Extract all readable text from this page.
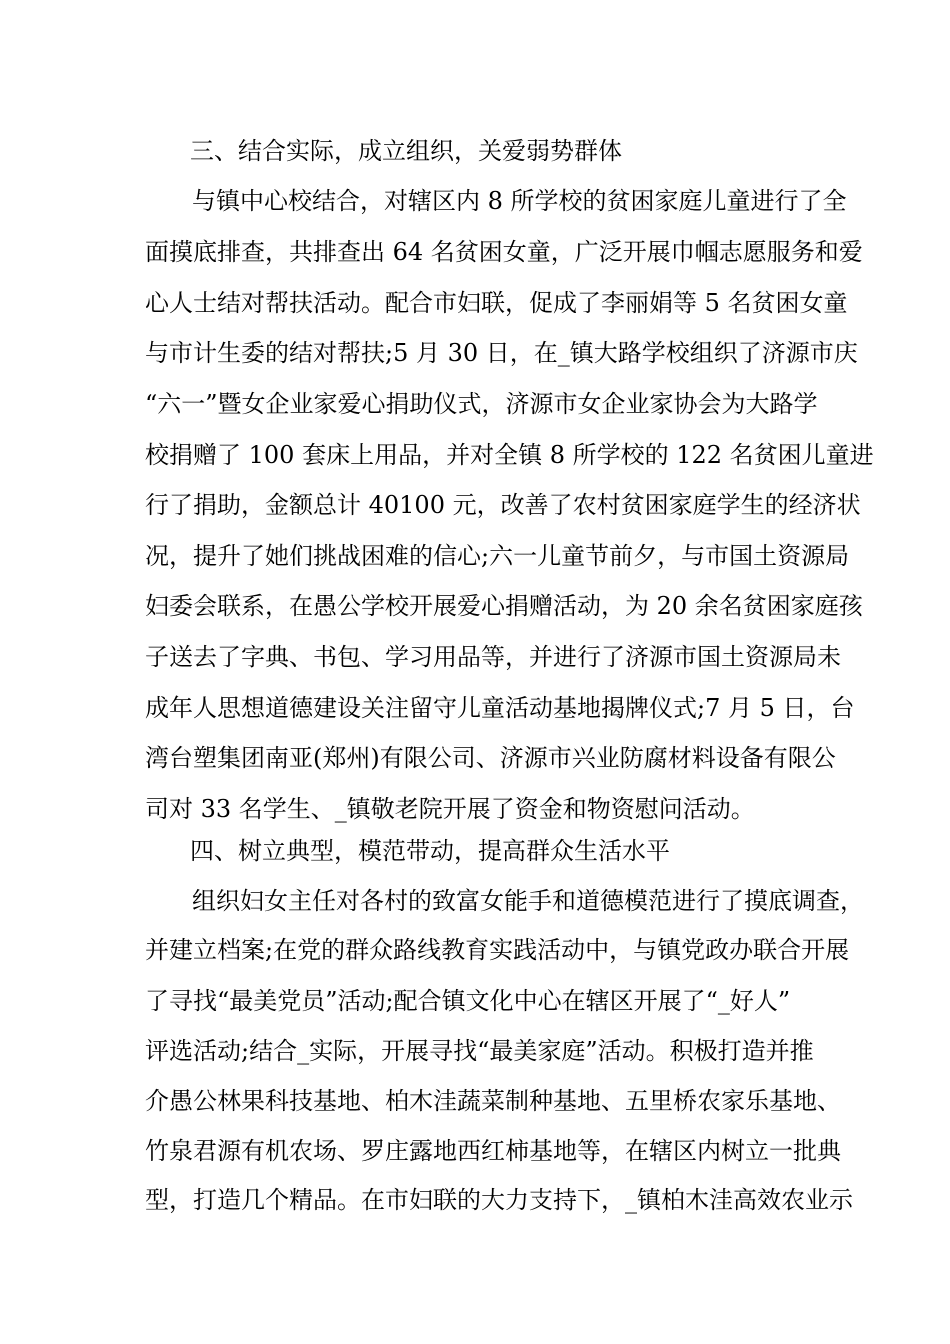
三、结合实际，成立组织，关爱弱势群体
与镇中心校结合，对辖区内 8 所学校的贫困家庭儿童进行了全
面摸底排查，共排查出 64 名贫困女童，广泛开展巾帼志愿服务和爱
心人士结对帮扶活动。配合市妇联，促成了李丽娟等 5 名贫困女童
与市计生委的结对帮扶;5 月 30 日，在_镇大路学校组织了济源市庆
“六一”暨女企业家爱心捐助仪式，济源市女企业家协会为大路学
校捐赠了 100 套床上用品，并对全镇 8 所学校的 122 名贫困儿童进
行了捐助，金额总计 40100 元，改善了农村贫困家庭学生的经济状
况，提升了她们挑战困难的信心;六一儿童节前夕，与市国土资源局
妇委会联系，在愚公学校开展爱心捐赠活动，为 20 余名贫困家庭孩
子送去了字典、书包、学习用品等，并进行了济源市国土资源局未
成年人思想道德建设关注留守儿童活动基地揭牌仪式;7 月 5 日，台
湾台塑集团南亚(郑州)有限公司、济源市兴业防腐材料设备有限公
司对 33 名学生、_镇敬老院开展了资金和物资慰问活动。
四、树立典型，模范带动，提高群众生活水平
组织妇女主任对各村的致富女能手和道德模范进行了摸底调查，
并建立档案;在党的群众路线教育实践活动中，与镇党政办联合开展
了寻找“最美党员”活动;配合镇文化中心在辖区开展了“_好人”
评选活动;结合_实际，开展寻找“最美家庭”活动。积极打造并推
介愚公林果科技基地、柏木洼蔬菜制种基地、五里桥农家乐基地、
竹泉君源有机农场、罗庄露地西红柿基地等，在辖区内树立一批典
型，打造几个精品。在市妇联的大力支持下，_镇柏木洼高效农业示
